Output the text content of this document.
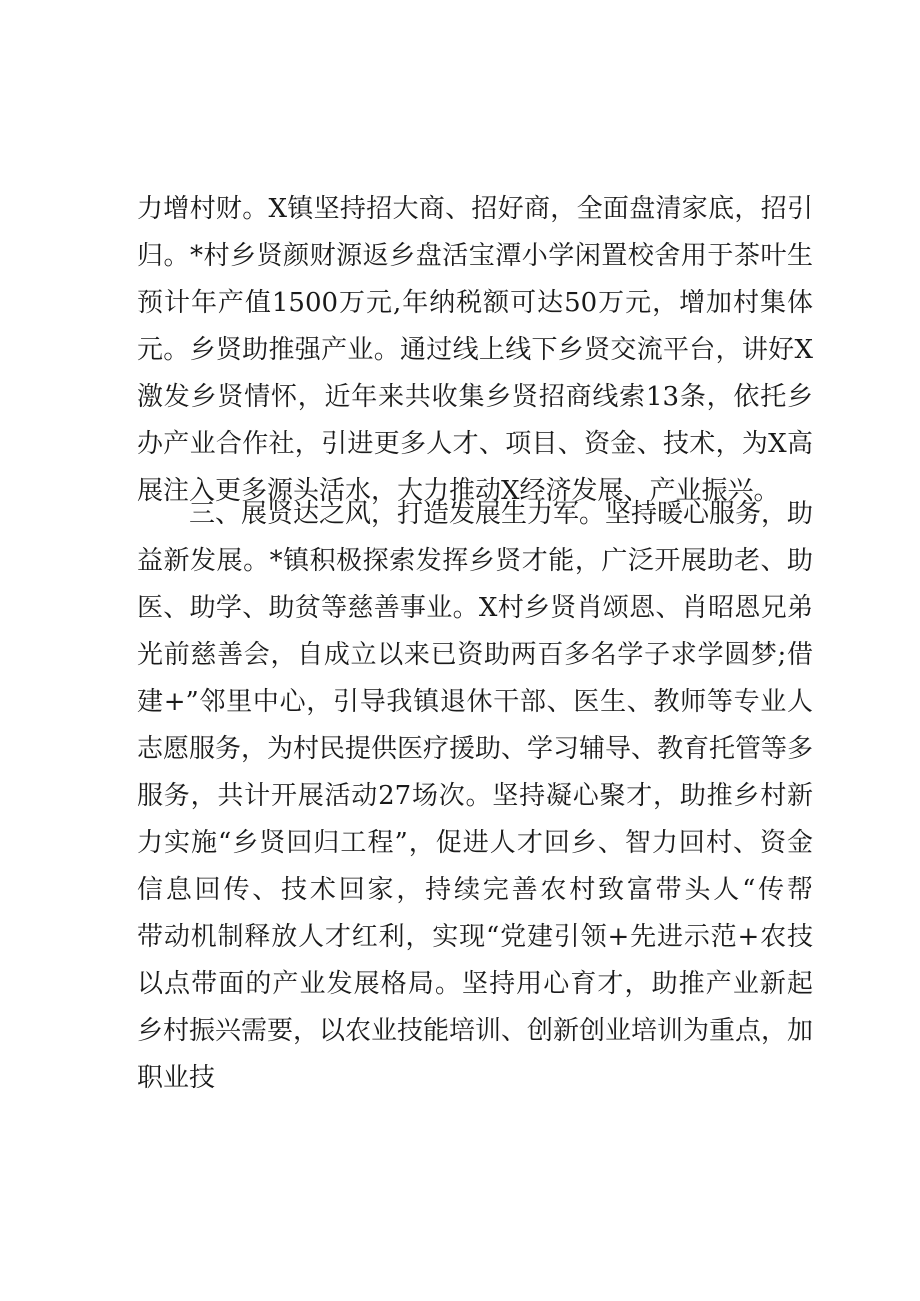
力增村财。X镇坚持招大商、招好商，全面盘清家底，招引
归。*村乡贤颜财源返乡盘活宝潭小学闲置校舍用于茶叶生
预计年产值1500万元,年纳税额可达50万元，增加村集体
元。乡贤助推强产业。通过线上线下乡贤交流平台，讲好X
激发乡贤情怀，近年来共收集乡贤招商线索13条，依托乡
办产业合作社，引进更多人才、项目、资金、技术，为X高
展注入更多源头活水，大力推动X经济发展、产业振兴。
三、展贤达之风，打造发展生力军。坚持暖心服务，助
益新发展。*镇积极探索发挥乡贤才能，广泛开展助老、助
医、助学、助贫等慈善事业。X村乡贤肖颂恩、肖昭恩兄弟
光前慈善会，自成立以来已资助两百多名学子求学圆梦;借
建+”邻里中心，引导我镇退休干部、医生、教师等专业人
志愿服务，为村民提供医疗援助、学习辅导、教育托管等多
服务，共计开展活动27场次。坚持凝心聚才，助推乡村新
力实施“乡贤回归工程”，促进人才回乡、智力回村、资金
信息回传、技术回家，持续完善农村致富带头人“传帮
带动机制释放人才红利，实现“党建引领+先进示范+农技
以点带面的产业发展格局。坚持用心育才，助推产业新起
乡村振兴需要，以农业技能培训、创新创业培训为重点，加
职业技
